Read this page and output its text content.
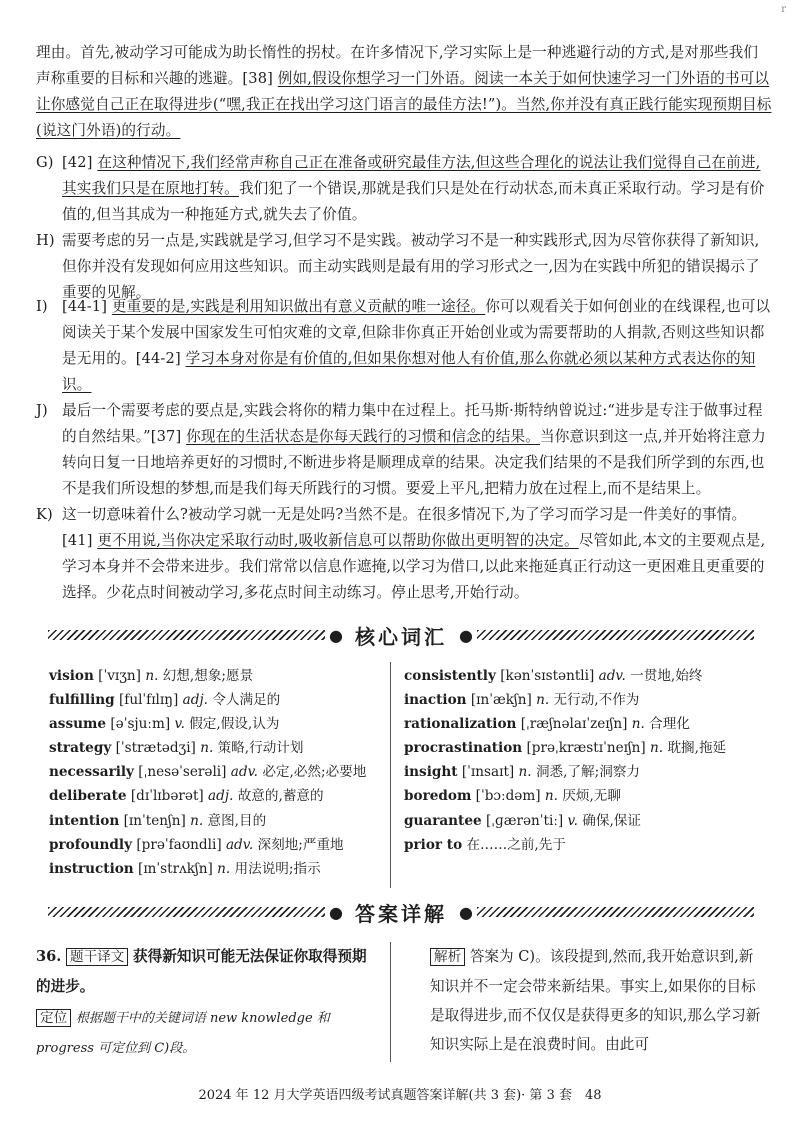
r
理由。首先,被动学习可能成为助长惰性的拐杖。在许多情况下,学习实际上是一种逃避行动的方式,是对那些我们声称重要的目标和兴趣的逃避。[38] 例如,假设你想学习一门外语。阅读一本关于如何快速学习一门外语的书可以让你感觉自己正在取得进步(“嘿,我正在找出学习这门语言的最佳方法!”)。当然,你并没有真正践行能实现预期目标(说这门外语)的行动。
G) [42] 在这种情况下,我们经常声称自己正在准备或研究最佳方法,但这些合理化的说法让我们觉得自己在前进,其实我们只是在原地打转。我们犯了一个错误,那就是我们只是处在行动状态,而未真正采取行动。学习是有价值的,但当其成为一种拖延方式,就失去了价值。
H) 需要考虑的另一点是,实践就是学习,但学习不是实践。被动学习不是一种实践形式,因为尽管你获得了新知识,但你并没有发现如何应用这些知识。而主动实践则是最有用的学习形式之一,因为在实践中所犯的错误揭示了重要的见解。
I) [44-1] 更重要的是,实践是利用知识做出有意义贡献的唯一途径。你可以观看关于如何创业的在线课程,也可以阅读关于某个发展中国家发生可怕灾难的文章,但除非你真正开始创业或为需要帮助的人捐款,否则这些知识都是无用的。[44-2] 学习本身对你是有价值的,但如果你想对他人有价值,那么你就必须以某种方式表达你的知识。
J) 最后一个需要考虑的要点是,实践会将你的精力集中在过程上。托马斯·斯特纳曾说过:“进步是专注于做事过程的自然结果。”[37] 你现在的生活状态是你每天践行的习惯和信念的结果。当你意识到这一点,并开始将注意力转向日复一日地培养更好的习惯时,不断进步将是顺理成章的结果。决定我们结果的不是我们所学到的东西,也不是我们所设想的梦想,而是我们每天所践行的习惯。要爱上平凡,把精力放在过程上,而不是结果上。
K) 这一切意味着什么?被动学习就一无是处吗?当然不是。在很多情况下,为了学习而学习是一件美好的事情。[41] 更不用说,当你决定采取行动时,吸收新信息可以帮助你做出更明智的决定。尽管如此,本文的主要观点是,学习本身并不会带来进步。我们常常以信息作遮掩,以学习为借口,以此来拖延真正行动这一更困难且更重要的选择。少花点时间被动学习,多花点时间主动练习。停止思考,开始行动。
● 核心词汇 ●
vision [ˈvɪʒn] n. 幻想,想象;愿景
fulfilling [fulˈfɪlɪŋ] adj. 令人满足的
assume [əˈsjuːm] v. 假定,假设,认为
strategy [ˈstrætədʒi] n. 策略,行动计划
necessarily [ˌnesəˈserəli] adv. 必定,必然;必要地
deliberate [dɪˈlɪbərət] adj. 故意的,蓄意的
intention [ɪnˈtenʃn] n. 意图,目的
profoundly [prəˈfaʊndli] adv. 深刻地;严重地
instruction [ɪnˈstrʌkʃn] n. 用法说明;指示
consistently [kənˈsɪstəntli] adv. 一贯地,始终
inaction [ɪnˈækʃn] n. 无行动,不作为
rationalization [ˌræʃnəlaɪˈzeɪʃn] n. 合理化
procrastination [prəˌkræstɪˈneɪʃn] n. 耽搁,拖延
insight [ˈɪnsaɪt] n. 洞悉,了解;洞察力
boredom [ˈbɔːdəm] n. 厌烦,无聊
guarantee [ˌɡærənˈtiː] v. 确保,保证
prior to 在……之前,先于
● 答案详解 ●
36. 题干译文 获得新知识可能无法保证你取得预期的进步。
定位 根据题干中的关键词语 new knowledge 和 progress 可定位到 C)段。
解析 答案为 C)。该段提到,然而,我开始意识到,新知识并不一定会带来新结果。事实上,如果你的目标是取得进步,而不仅仅是获得更多的知识,那么学习新知识实际上是在浪费时间。由此可
2024 年 12 月大学英语四级考试真题答案详解(共 3 套)· 第 3 套　48
